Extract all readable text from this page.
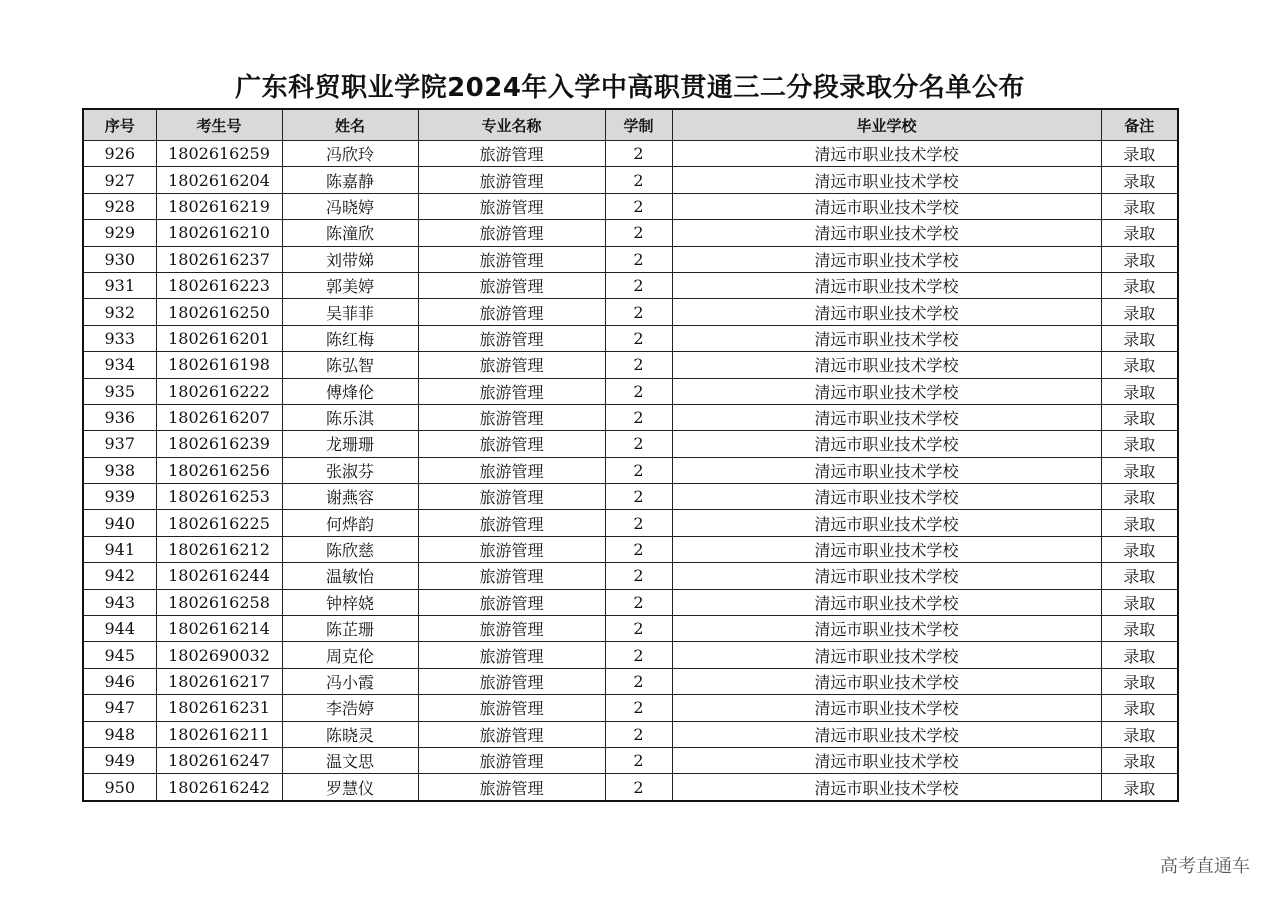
广东科贸职业学院2024年入学中高职贯通三二分段录取分名单公布
序号	考生号	姓名	专业名称	学制	毕业学校	备注
926	1802616259	冯欣玲	旅游管理	2	清远市职业技术学校	录取
927	1802616204	陈嘉静	旅游管理	2	清远市职业技术学校	录取
928	1802616219	冯晓婷	旅游管理	2	清远市职业技术学校	录取
929	1802616210	陈潼欣	旅游管理	2	清远市职业技术学校	录取
930	1802616237	刘带娣	旅游管理	2	清远市职业技术学校	录取
931	1802616223	郭美婷	旅游管理	2	清远市职业技术学校	录取
932	1802616250	吴菲菲	旅游管理	2	清远市职业技术学校	录取
933	1802616201	陈红梅	旅游管理	2	清远市职业技术学校	录取
934	1802616198	陈弘智	旅游管理	2	清远市职业技术学校	录取
935	1802616222	傅烽伦	旅游管理	2	清远市职业技术学校	录取
936	1802616207	陈乐淇	旅游管理	2	清远市职业技术学校	录取
937	1802616239	龙珊珊	旅游管理	2	清远市职业技术学校	录取
938	1802616256	张淑芬	旅游管理	2	清远市职业技术学校	录取
939	1802616253	谢燕容	旅游管理	2	清远市职业技术学校	录取
940	1802616225	何烨韵	旅游管理	2	清远市职业技术学校	录取
941	1802616212	陈欣慈	旅游管理	2	清远市职业技术学校	录取
942	1802616244	温敏怡	旅游管理	2	清远市职业技术学校	录取
943	1802616258	钟梓娆	旅游管理	2	清远市职业技术学校	录取
944	1802616214	陈芷珊	旅游管理	2	清远市职业技术学校	录取
945	1802690032	周克伦	旅游管理	2	清远市职业技术学校	录取
946	1802616217	冯小霞	旅游管理	2	清远市职业技术学校	录取
947	1802616231	李浩婷	旅游管理	2	清远市职业技术学校	录取
948	1802616211	陈晓灵	旅游管理	2	清远市职业技术学校	录取
949	1802616247	温文思	旅游管理	2	清远市职业技术学校	录取
950	1802616242	罗慧仪	旅游管理	2	清远市职业技术学校	录取
高考直通车
